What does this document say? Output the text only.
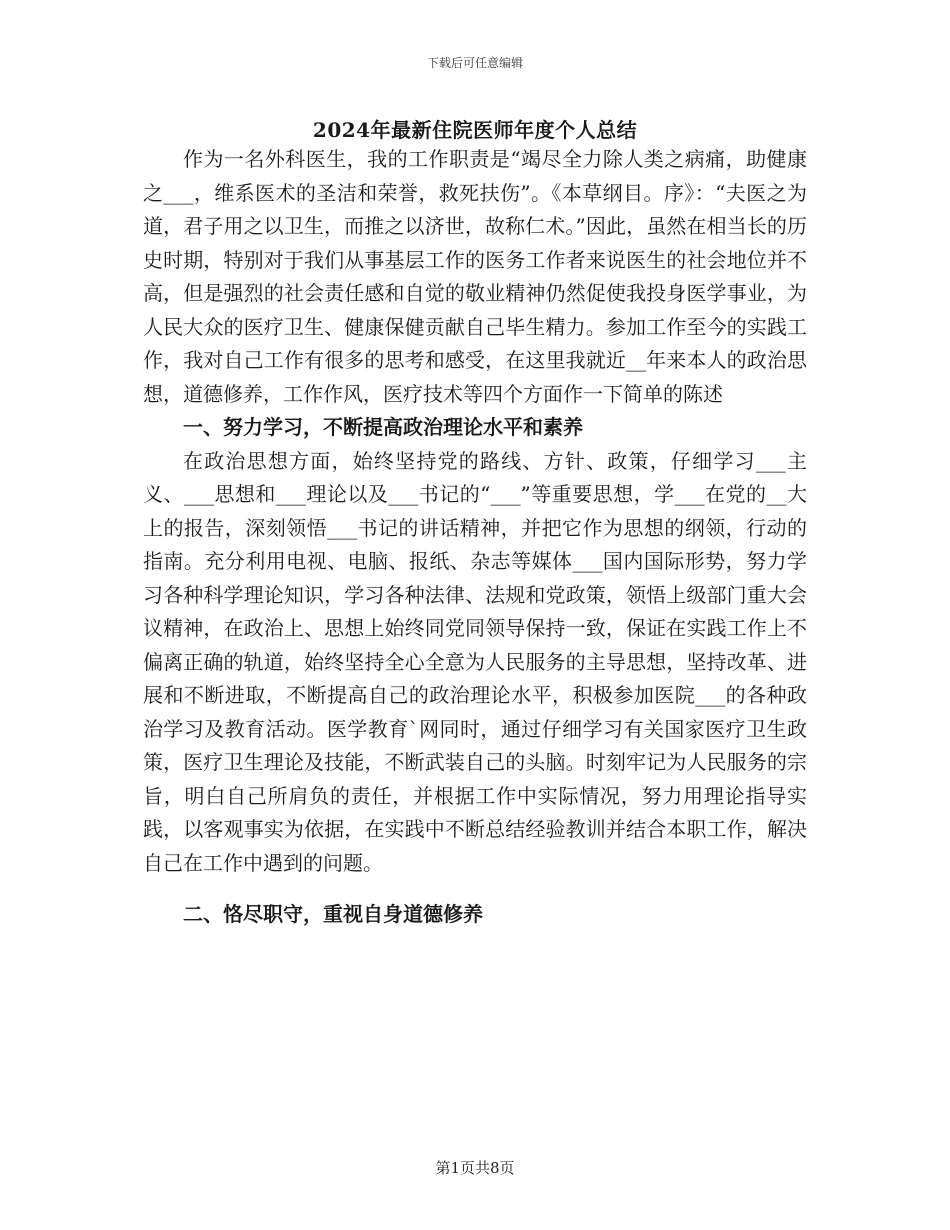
下载后可任意编辑
2024年最新住院医师年度个人总结

作为一名外科医生，我的工作职责是“竭尽全力除人类之病痛，助健康之___，维系医术的圣洁和荣誉，救死扶伤”。《本草纲目。序》：“夫医之为道，君子用之以卫生，而推之以济世，故称仁术。”因此，虽然在相当长的历史时期，特别对于我们从事基层工作的医务工作者来说医生的社会地位并不高，但是强烈的社会责任感和自觉的敬业精神仍然促使我投身医学事业，为人民大众的医疗卫生、健康保健贡献自己毕生精力。参加工作至今的实践工作，我对自己工作有很多的思考和感受，在这里我就近__年来本人的政治思想，道德修养，工作作风，医疗技术等四个方面作一下简单的陈述

一、努力学习，不断提高政治理论水平和素养

在政治思想方面，始终坚持党的路线、方针、政策，仔细学习___主义、___思想和___理论以及___书记的“___”等重要思想，学___在党的__大上的报告，深刻领悟___书记的讲话精神，并把它作为思想的纲领，行动的指南。充分利用电视、电脑、报纸、杂志等媒体___国内国际形势，努力学习各种科学理论知识，学习各种法律、法规和党政策，领悟上级部门重大会议精神，在政治上、思想上始终同党同领导保持一致，保证在实践工作上不偏离正确的轨道，始终坚持全心全意为人民服务的主导思想，坚持改革、进展和不断进取，不断提高自己的政治理论水平，积极参加医院___的各种政治学习及教育活动。医学教育`网同时，通过仔细学习有关国家医疗卫生政策，医疗卫生理论及技能，不断武装自己的头脑。时刻牢记为人民服务的宗旨，明白自己所肩负的责任，并根据工作中实际情况，努力用理论指导实践，以客观事实为依据，在实践中不断总结经验教训并结合本职工作，解决自己在工作中遇到的问题。

二、恪尽职守，重视自身道德修养

第1页共8页
